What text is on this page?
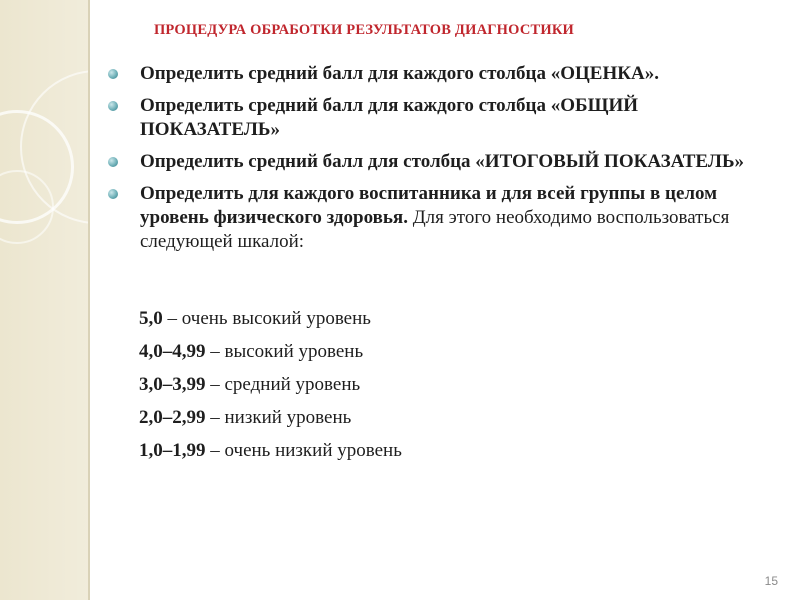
ПРОЦЕДУРА ОБРАБОТКИ РЕЗУЛЬТАТОВ ДИАГНОСТИКИ
Определить средний балл для каждого столбца «ОЦЕНКА».
Определить средний балл для каждого столбца «ОБЩИЙ ПОКАЗАТЕЛЬ»
Определить средний балл для столбца «ИТОГОВЫЙ ПОКАЗАТЕЛЬ»
Определить для каждого воспитанника и для всей группы в целом уровень физического здоровья. Для этого необходимо воспользоваться следующей шкалой:
5,0 – очень высокий уровень
4,0–4,99 – высокий уровень
3,0–3,99 – средний уровень
2,0–2,99 – низкий уровень
1,0–1,99 – очень низкий уровень
15
